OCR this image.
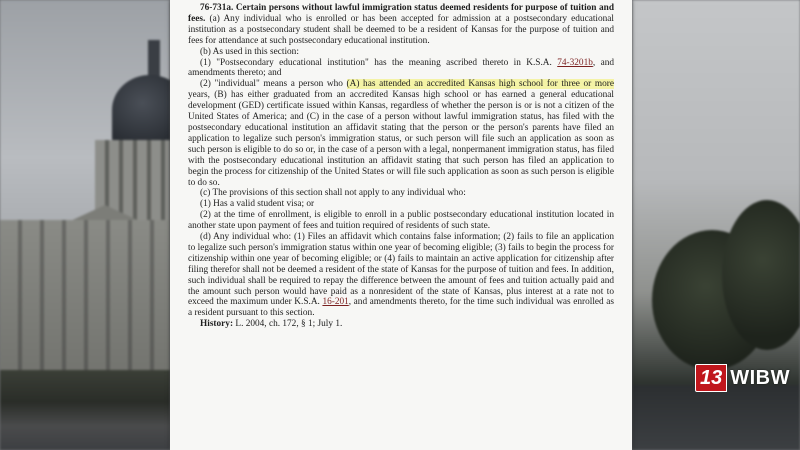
76-731a. Certain persons without lawful immigration status deemed residents for purpose of tuition and fees. (a) Any individual who is enrolled or has been accepted for admission at a postsecondary educational institution as a postsecondary student shall be deemed to be a resident of Kansas for the purpose of tuition and fees for attendance at such postsecondary educational institution.

(b) As used in this section:

(1) "Postsecondary educational institution" has the meaning ascribed thereto in K.S.A. 74-3201b, and amendments thereto; and

(2) "individual" means a person who (A) has attended an accredited Kansas high school for three or more years, (B) has either graduated from an accredited Kansas high school or has earned a general educational development (GED) certificate issued within Kansas, regardless of whether the person is or is not a citizen of the United States of America; and (C) in the case of a person without lawful immigration status, has filed with the postsecondary educational institution an affidavit stating that the person or the person's parents have filed an application to legalize such person's immigration status, or such person will file such an application as soon as such person is eligible to do so or, in the case of a person with a legal, nonpermanent immigration status, has filed with the postsecondary educational institution an affidavit stating that such person has filed an application to begin the process for citizenship of the United States or will file such application as soon as such person is eligible to do so.

(c) The provisions of this section shall not apply to any individual who:

(1) Has a valid student visa; or

(2) at the time of enrollment, is eligible to enroll in a public postsecondary educational institution located in another state upon payment of fees and tuition required of residents of such state.

(d) Any individual who: (1) Files an affidavit which contains false information; (2) fails to file an application to legalize such person's immigration status within one year of becoming eligible; (3) fails to begin the process for citizenship within one year of becoming eligible; or (4) fails to maintain an active application for citizenship after filing therefor shall not be deemed a resident of the state of Kansas for the purpose of tuition and fees. In addition, such individual shall be required to repay the difference between the amount of fees and tuition actually paid and the amount such person would have paid as a nonresident of the state of Kansas, plus interest at a rate not to exceed the maximum under K.S.A. 16-201, and amendments thereto, for the time such individual was enrolled as a resident pursuant to this section.

History: L. 2004, ch. 172, § 1; July 1.

13 WIBW
